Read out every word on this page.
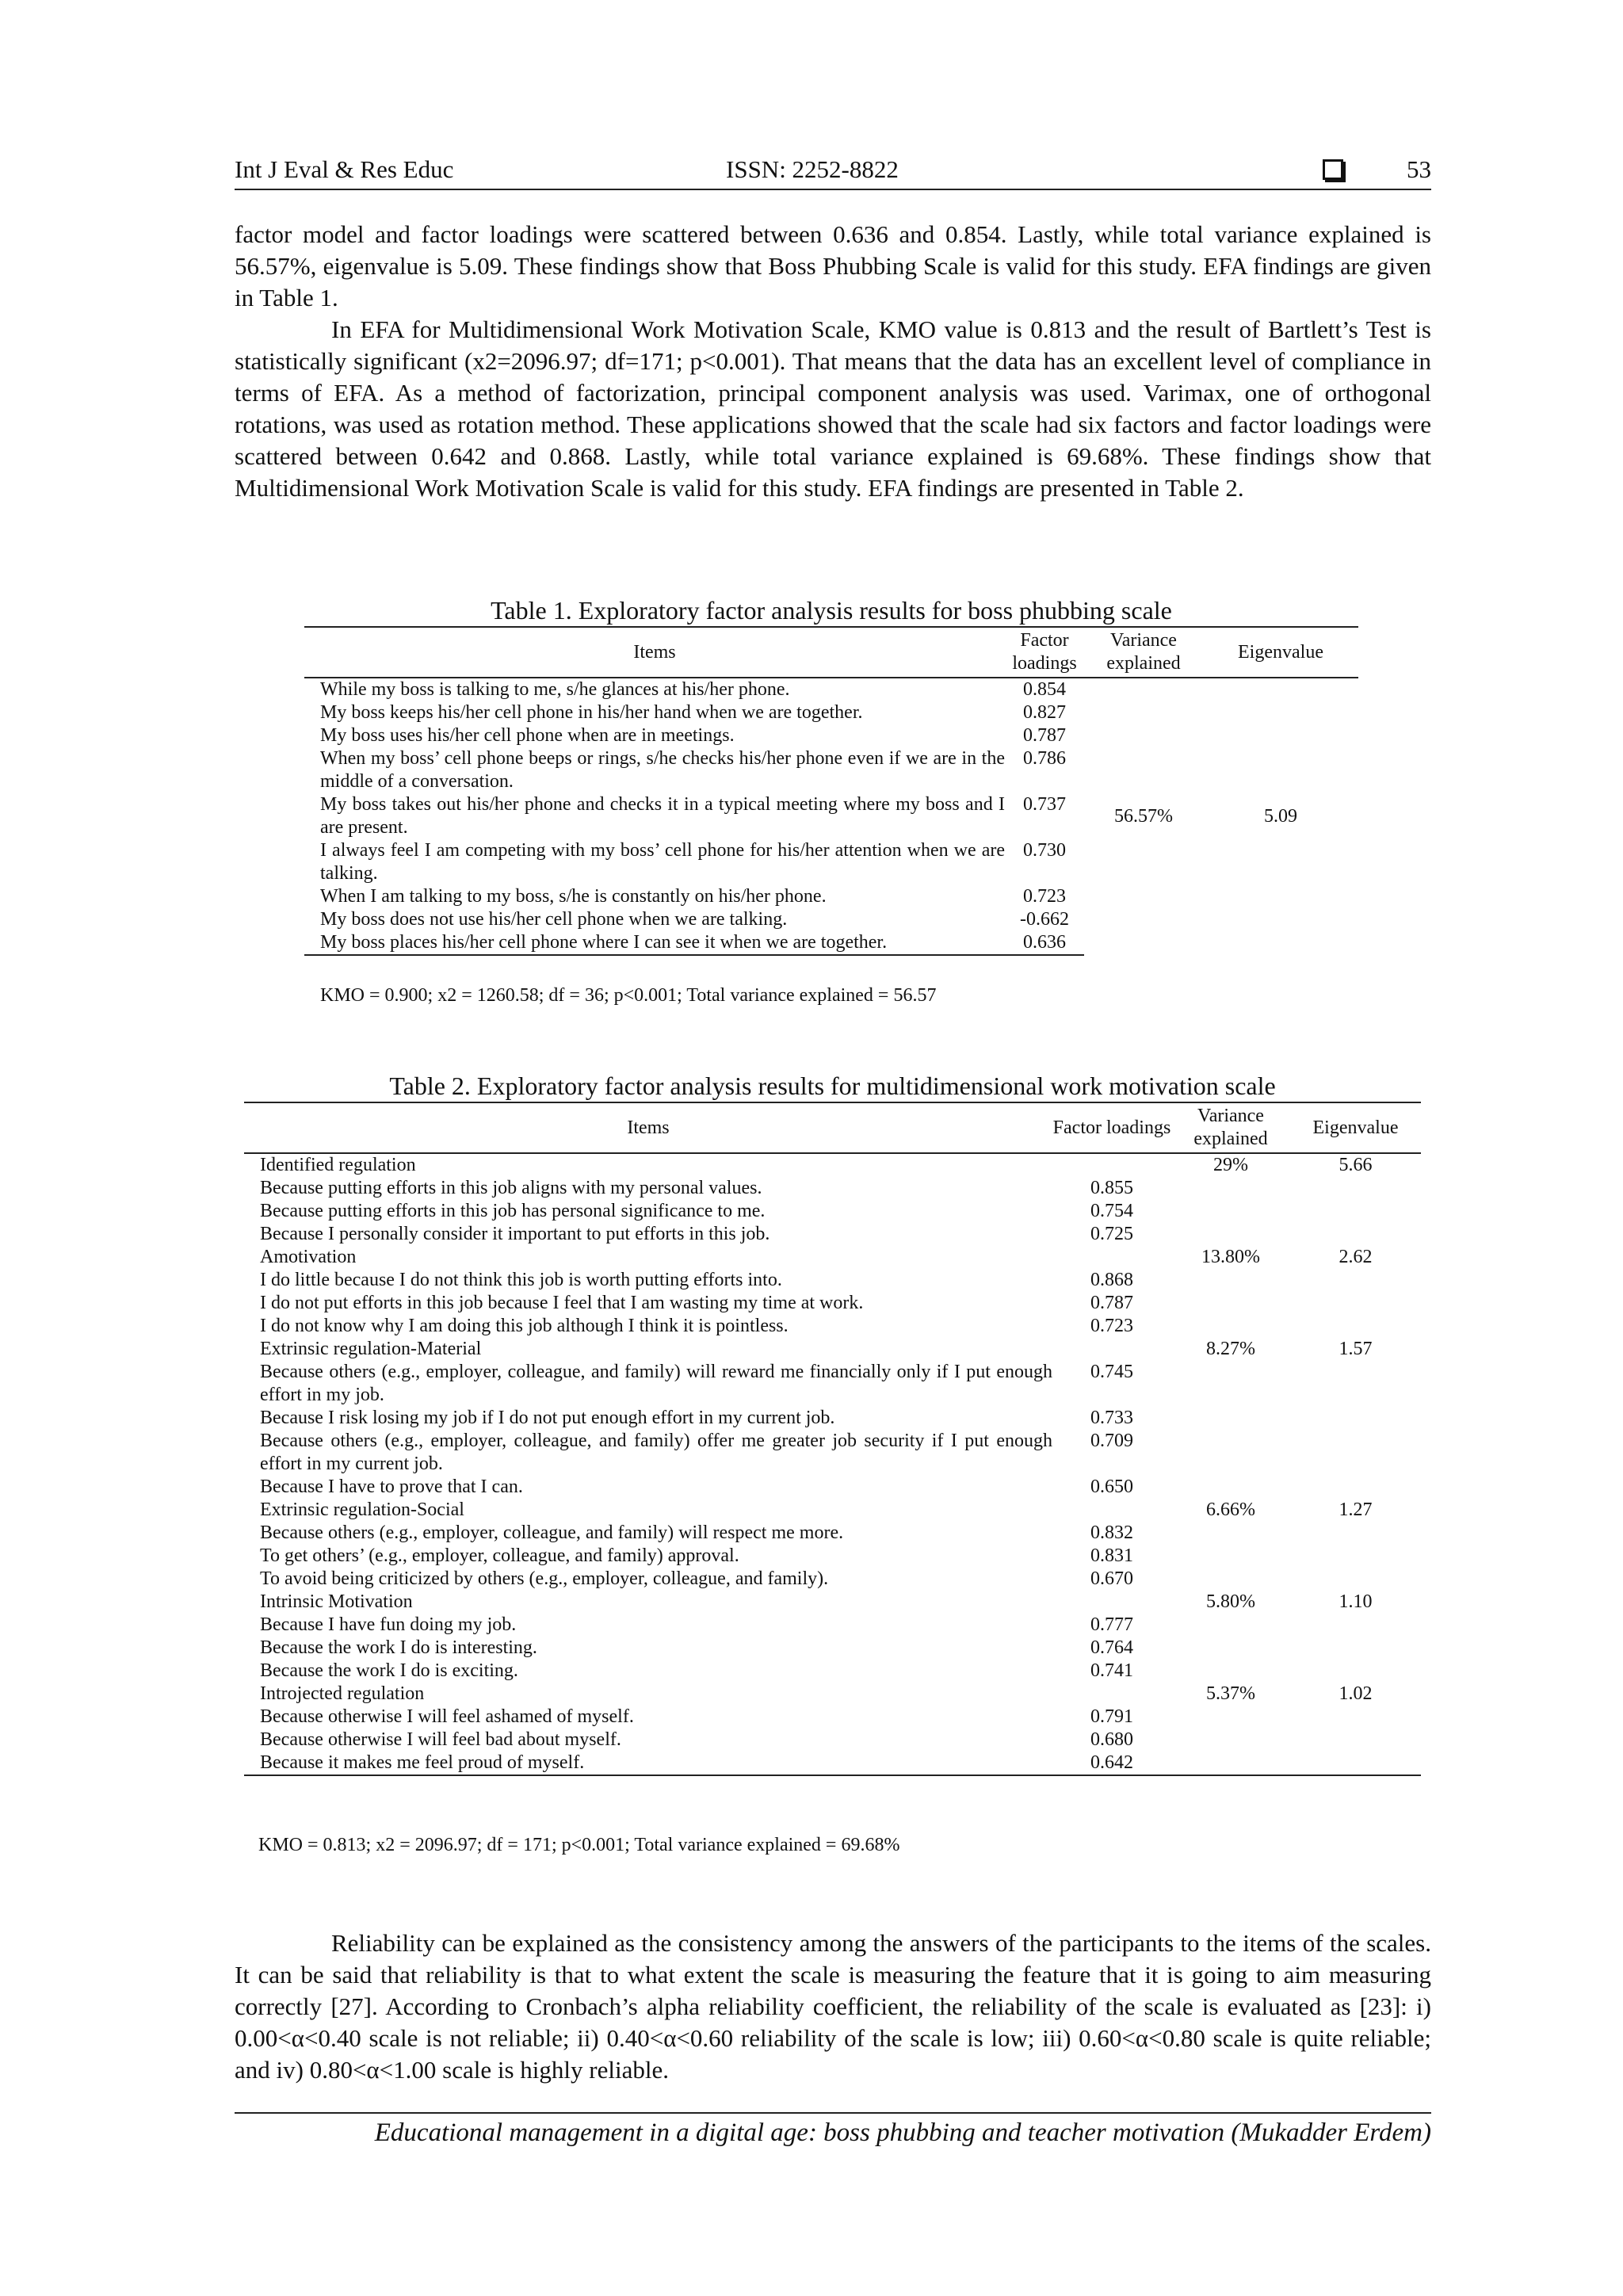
Int J Eval & Res Educ	ISSN: 2252-8822	53

factor model and factor loadings were scattered between 0.636 and 0.854. Lastly, while total variance explained is 56.57%, eigenvalue is 5.09. These findings show that Boss Phubbing Scale is valid for this study. EFA findings are given in Table 1.

In EFA for Multidimensional Work Motivation Scale, KMO value is 0.813 and the result of Bartlett’s Test is statistically significant (x2=2096.97; df=171; p<0.001). That means that the data has an excellent level of compliance in terms of EFA. As a method of factorization, principal component analysis was used. Varimax, one of orthogonal rotations, was used as rotation method. These applications showed that the scale had six factors and factor loadings were scattered between 0.642 and 0.868. Lastly, while total variance explained is 69.68%. These findings show that Multidimensional Work Motivation Scale is valid for this study. EFA findings are presented in Table 2.

Table 1. Exploratory factor analysis results for boss phubbing scale
Items	Factor loadings	Variance explained	Eigenvalue
While my boss is talking to me, s/he glances at his/her phone.	0.854	56.57%	5.09
My boss keeps his/her cell phone in his/her hand when we are together.	0.827		
My boss uses his/her cell phone when are in meetings.	0.787		
When my boss’ cell phone beeps or rings, s/he checks his/her phone even if we are in the middle of a conversation.	0.786		
My boss takes out his/her phone and checks it in a typical meeting where my boss and I are present.	0.737		
I always feel I am competing with my boss’ cell phone for his/her attention when we are talking.	0.730		
When I am talking to my boss, s/he is constantly on his/her phone.	0.723		
My boss does not use his/her cell phone when we are talking.	-0.662		
My boss places his/her cell phone where I can see it when we are together.	0.636		
KMO = 0.900; x2 = 1260.58; df = 36; p<0.001; Total variance explained = 56.57
Table 2. Exploratory factor analysis results for multidimensional work motivation scale
Items	Factor loadings	Variance explained	Eigenvalue
Identified regulation		29%	5.66
Because putting efforts in this job aligns with my personal values.	0.855		
Because putting efforts in this job has personal significance to me.	0.754		
Because I personally consider it important to put efforts in this job.	0.725		
Amotivation		13.80%	2.62
I do little because I do not think this job is worth putting efforts into.	0.868		
I do not put efforts in this job because I feel that I am wasting my time at work.	0.787		
I do not know why I am doing this job although I think it is pointless.	0.723		
Extrinsic regulation-Material		8.27%	1.57
Because others (e.g., employer, colleague, and family) will reward me financially only if I put enough effort in my job.	0.745		
Because I risk losing my job if I do not put enough effort in my current job.	0.733		
Because others (e.g., employer, colleague, and family) offer me greater job security if I put enough effort in my current job.	0.709		
Because I have to prove that I can.	0.650		
Extrinsic regulation-Social		6.66%	1.27
Because others (e.g., employer, colleague, and family) will respect me more.	0.832		
To get others’ (e.g., employer, colleague, and family) approval.	0.831		
To avoid being criticized by others (e.g., employer, colleague, and family).	0.670		
Intrinsic Motivation		5.80%	1.10
Because I have fun doing my job.	0.777		
Because the work I do is interesting.	0.764		
Because the work I do is exciting.	0.741		
Introjected regulation		5.37%	1.02
Because otherwise I will feel ashamed of myself.	0.791		
Because otherwise I will feel bad about myself.	0.680		
Because it makes me feel proud of myself.	0.642		
KMO = 0.813; x2 = 2096.97; df = 171; p<0.001; Total variance explained = 69.68%

Reliability can be explained as the consistency among the answers of the participants to the items of the scales. It can be said that reliability is that to what extent the scale is measuring the feature that it is going to aim measuring correctly [27]. According to Cronbach’s alpha reliability coefficient, the reliability of the scale is evaluated as [23]: i) 0.00<α<0.40 scale is not reliable; ii) 0.40<α<0.60 reliability of the scale is low; iii) 0.60<α<0.80 scale is quite reliable; and iv) 0.80<α<1.00 scale is highly reliable.

Educational management in a digital age: boss phubbing and teacher motivation (Mukadder Erdem)
